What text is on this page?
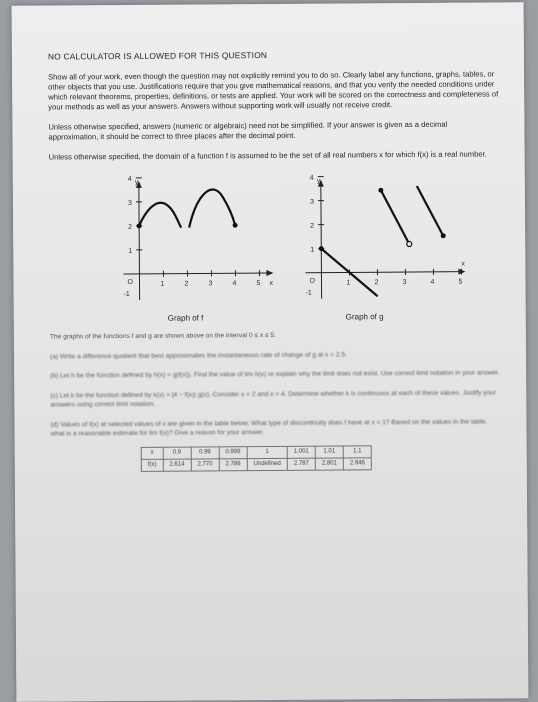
NO CALCULATOR IS ALLOWED FOR THIS QUESTION

Show all of your work, even though the question may not explicitly remind you to do so. Clearly label any functions, graphs, tables, or other objects that you use. Justifications require that you give mathematical reasons, and that you verify the needed conditions under which relevant theorems, properties, definitions, or tests are applied. Your work will be scored on the correctness and completeness of your methods as well as your answers. Answers without supporting work will usually not receive credit.

Unless otherwise specified, answers (numeric or algebraic) need not be simplified. If your answer is given as a decimal approximation, it should be correct to three places after the decimal point.

Unless otherwise specified, the domain of a function f is assumed to be the set of all real numbers x for which f(x) is a real number.

y
x
O	1	2	3	4	5
3
2
1
4
-1
Graph of f
y
x
O	1	2	3	4	5
4
3
2
1
-1
Graph of g

The graphs of the functions f and g are shown above on the interval 0 ≤ x ≤ 5.

(a) Write a difference quotient that best approximates the instantaneous rate of change of g at x = 2.5.

(b) Let h be the function defined by h(x) = g(f(x)). Find the value of lim h(x) or explain why the limit does not exist. Use correct limit notation in your answer.

(c) Let k be the function defined by k(x) = |4 − f(x)| g(x). Consider x = 2 and x = 4. Determine whether k is continuous at each of these values. Justify your answers using correct limit notation.

(d) Values of f(x) at selected values of x are given in the table below. What type of discontinuity does f have at x = 1? Based on the values in the table, what is a reasonable estimate for lim f(x)? Give a reason for your answer.

x	0.9	0.99	0.999	1	1.001	1.01	1.1
f(x)	2.614	2.770	2.786	Undefined	2.787	2.801	2.946
